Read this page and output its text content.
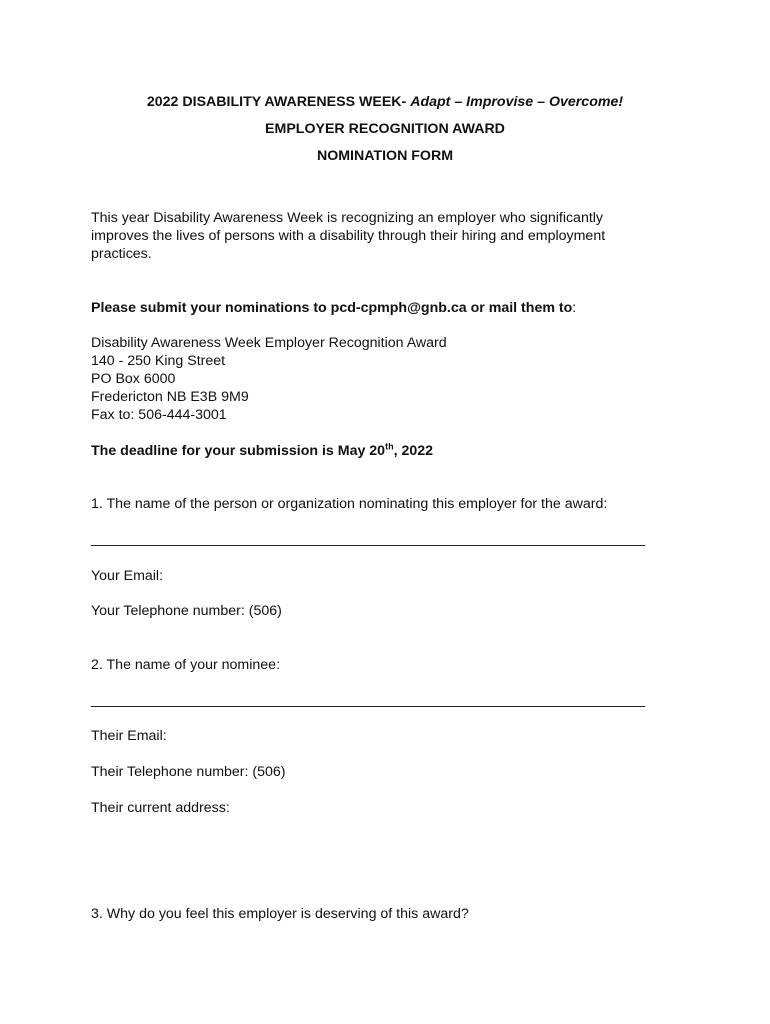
2022 DISABILITY AWARENESS WEEK- Adapt – Improvise – Overcome!
EMPLOYER RECOGNITION AWARD
NOMINATION FORM
This year Disability Awareness Week is recognizing an employer who significantly
improves the lives of persons with a disability through their hiring and employment
practices.
Please submit your nominations to pcd-cpmph@gnb.ca or mail them to:
Disability Awareness Week Employer Recognition Award
140 - 250 King Street
PO Box 6000
Fredericton NB E3B 9M9
Fax to: 506-444-3001
The deadline for your submission is May 20th, 2022
1. The name of the person or organization nominating this employer for the award:
Your Email:
Your Telephone number: (506)
2. The name of your nominee:
Their Email:
Their Telephone number: (506)
Their current address:
3. Why do you feel this employer is deserving of this award?
